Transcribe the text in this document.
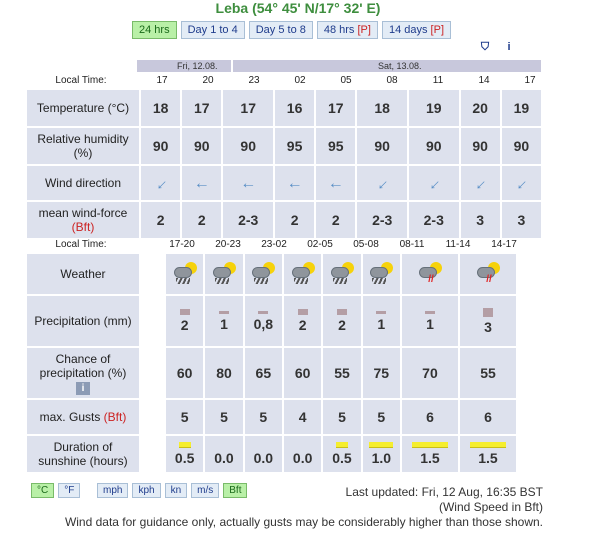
Leba (54° 45' N/17° 32' E)
24 hrs	Day 1 to 4	Day 5 to 8	48 hrs [P]	14 days [P]
⛉	i
Fri, 12.08.	Sat, 13.08.
Local Time:	17	20	23	02	05	08	11	14	17
Temperature (°C)	18	17	17	16	17	18	19	20	19
Relative humidity (%)	90	90	90	95	95	90	90	90	90
Wind direction	←	←	←	←	←	←	←	←	←
mean wind-force
(Bft)	2	2	2-3	2	2	2-3	2-3	3	3
Local Time:	17-20	20-23	23-02	02-05	05-08	08-11	11-14	14-17
Weather								//	//	

Precipitation (mm)		2	1	0,8	2	2	1	1	3	
Chance of precipitation (%)
i		60	80	65	60	55	75	70	55	
max. Gusts (Bft)		5	5	5	4	5	5	6	6	
Duration of sunshine (hours)		0.5	0.0	0.0	0.0	0.5	1.0	1.5	1.5	
°C	°F	mph	kph	kn	m/s	Bft	Last updated: Fri, 12 Aug, 16:35 BST
(Wind Speed in Bft)
Wind data for guidance only, actually gusts may be considerably higher than those shown.
